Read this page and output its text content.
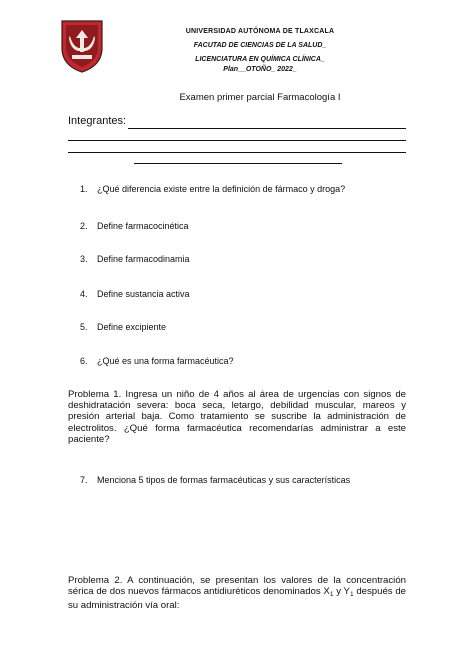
UNIVERSIDAD AUTÓNOMA DE TLAXCALA
FACUTAD DE CIENCIAS DE LA SALUD_
LICENCIATURA EN QUÍMICA CLÍNICA_
Plan__OTOÑO_ 2022_
Examen primer parcial Farmacología I
Integrantes:
1. ¿Qué diferencia existe entre la definición de fármaco y droga?
2. Define farmacocinética
3. Define farmacodinamia
4. Define sustancia activa
5. Define excipiente
6. ¿Qué es una forma farmacéutica?

Problema 1. Ingresa un niño de 4 años al área de urgencias con signos de deshidratación severa: boca seca, letargo, debilidad muscular, mareos y presión arterial baja. Como tratamiento se suscribe la administración de electrolitos. ¿Qué forma farmacéutica recomendarías administrar a este paciente?

7. Menciona 5 tipos de formas farmacéuticas y sus características

Problema 2. A continuación, se presentan los valores de la concentración sérica de dos nuevos fármacos antidiuréticos denominados $X_1$ y $Y_1$ después de su administración vía oral:
